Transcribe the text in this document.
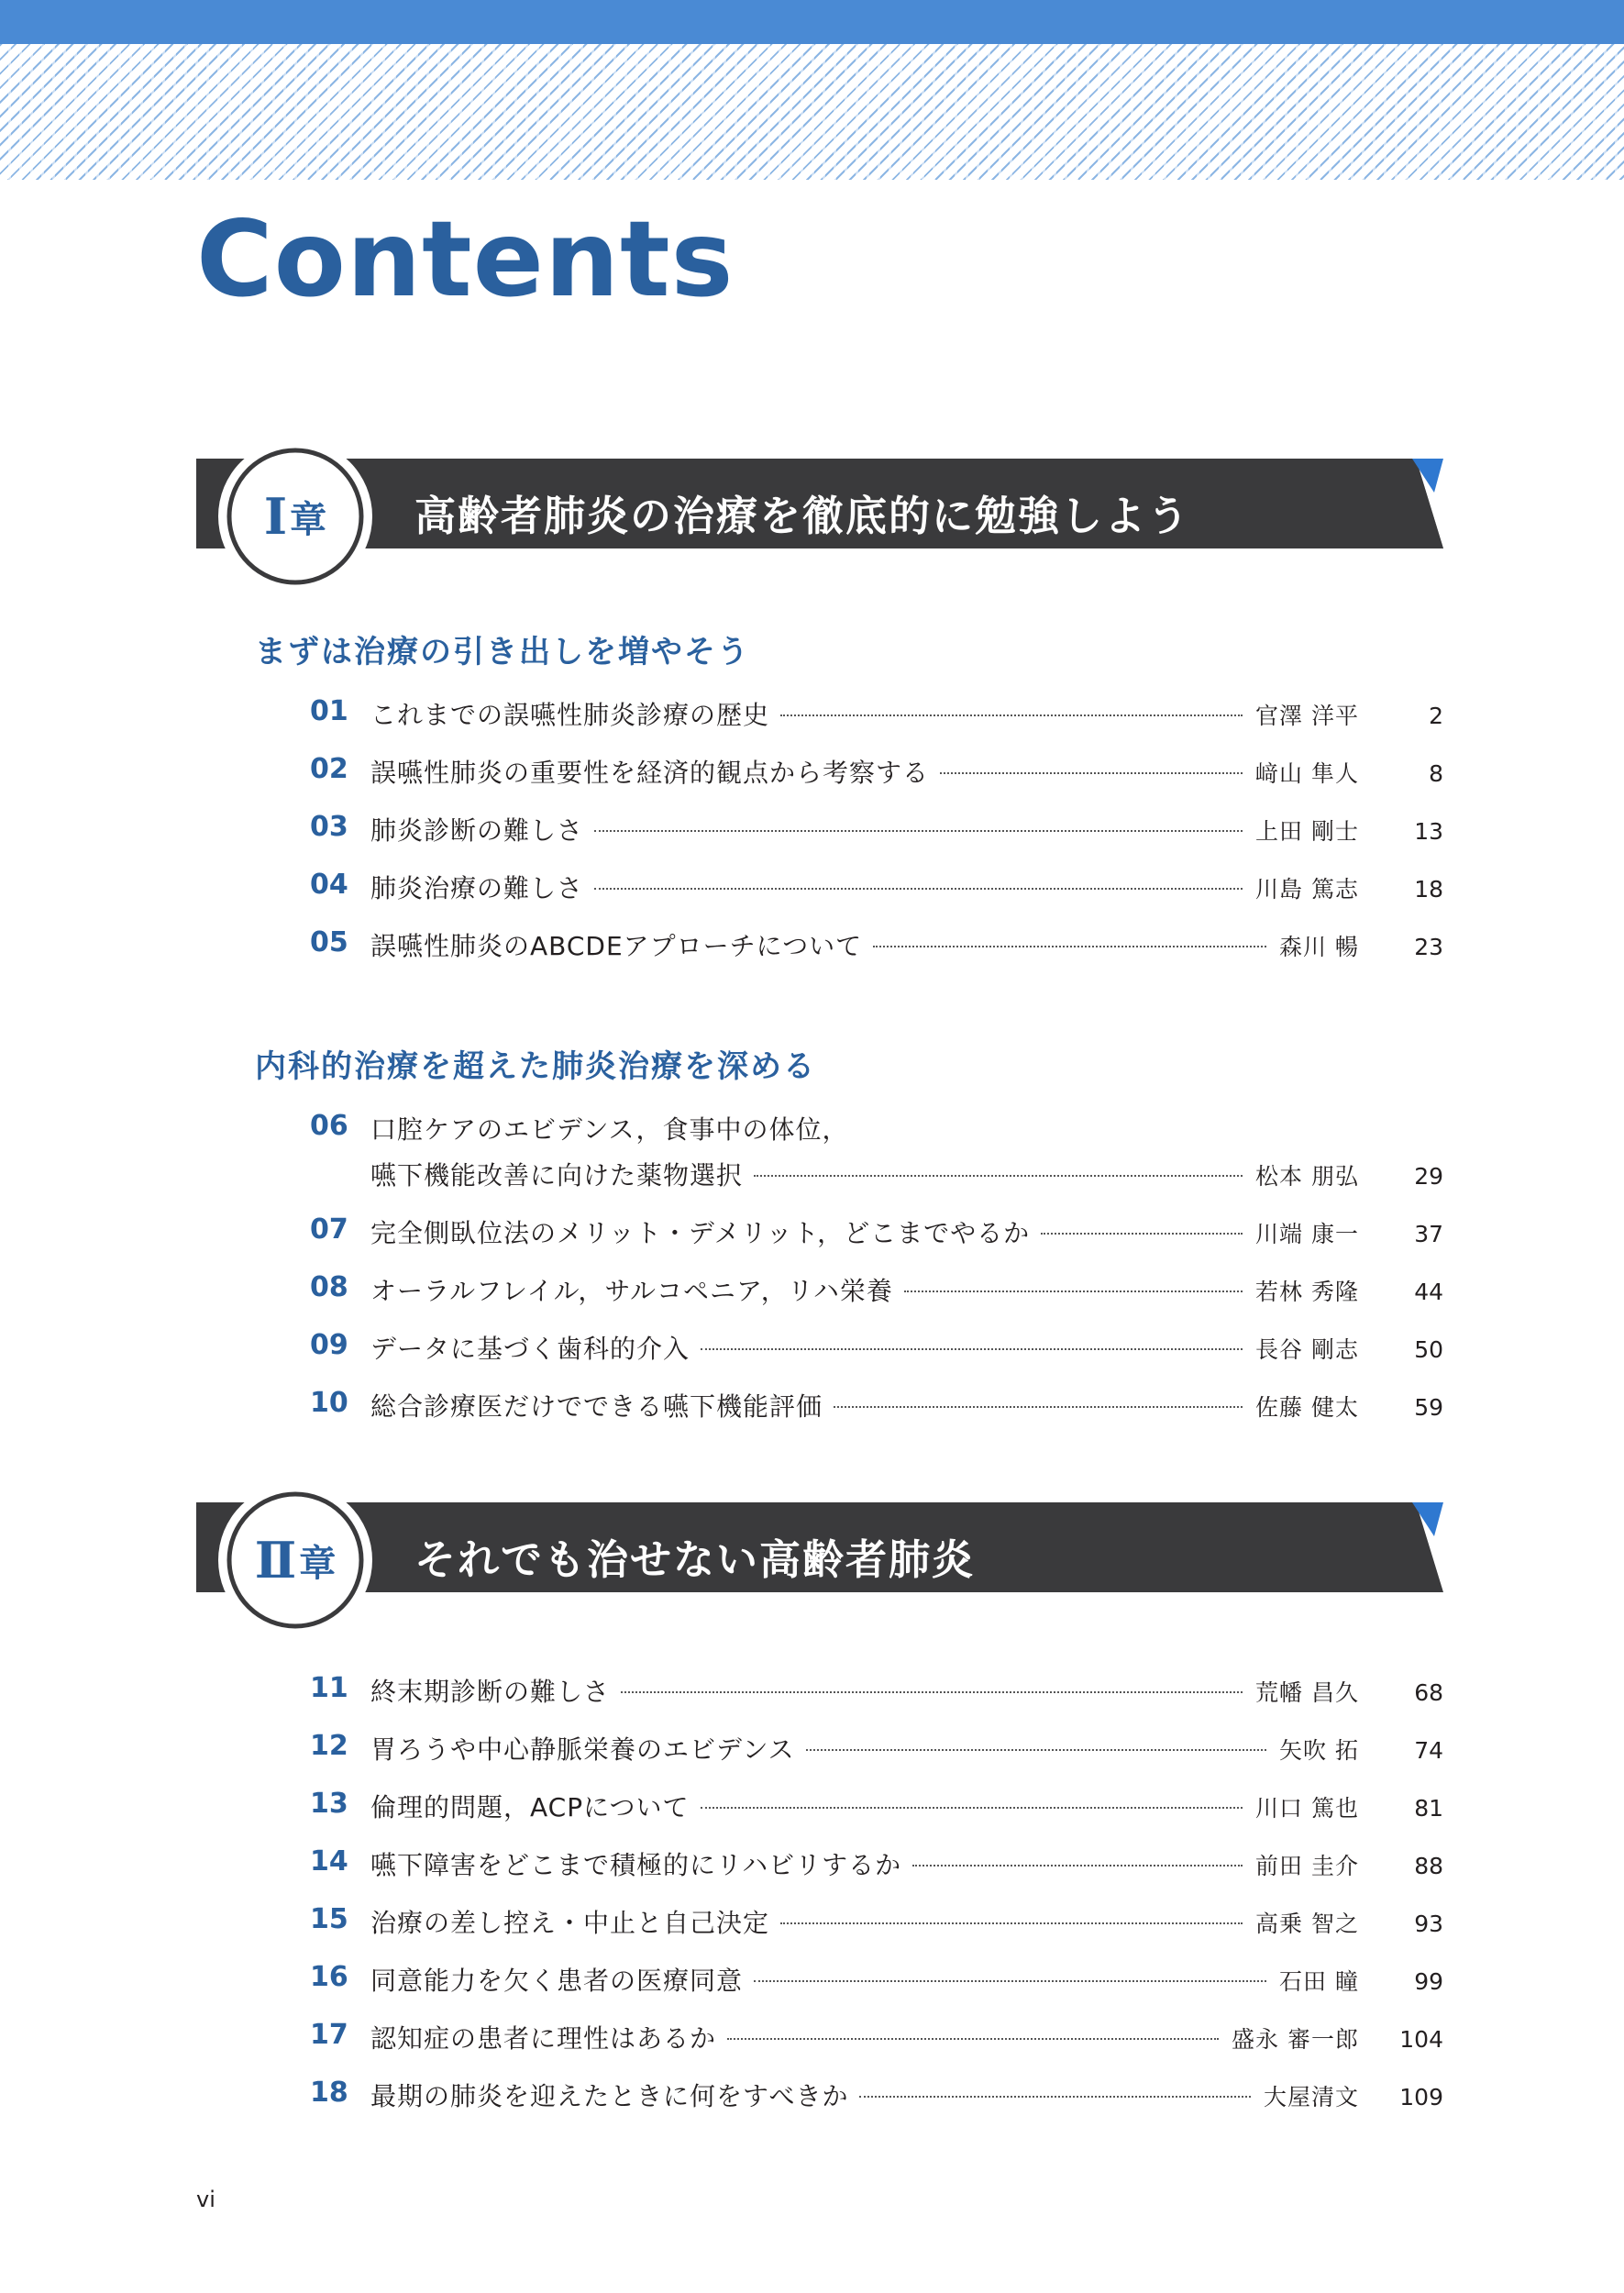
Contents
Ⅰ 章 高齢者肺炎の治療を徹底的に勉強しよう
まずは治療の引き出しを増やそう
01 これまでの誤嚥性肺炎診療の歴史	官澤 洋平	2
02 誤嚥性肺炎の重要性を経済的観点から考察する	﨑山 隼人	8
03 肺炎診断の難しさ	上田 剛士	13
04 肺炎治療の難しさ	川島 篤志	18
05 誤嚥性肺炎のABCDEアプローチについて	森川 暢	23
内科的治療を超えた肺炎治療を深める
06 口腔ケアのエビデンス，食事中の体位，
嚥下機能改善に向けた薬物選択	松本 朋弘	29
07 完全側臥位法のメリット・デメリット，どこまでやるか	川端 康一	37
08 オーラルフレイル，サルコペニア，リハ栄養	若林 秀隆	44
09 データに基づく歯科的介入	長谷 剛志	50
10 総合診療医だけでできる嚥下機能評価	佐藤 健太	59
Ⅱ 章 それでも治せない高齢者肺炎
11 終末期診断の難しさ	荒幡 昌久	68
12 胃ろうや中心静脈栄養のエビデンス	矢吹 拓	74
13 倫理的問題，ACPについて	川口 篤也	81
14 嚥下障害をどこまで積極的にリハビリするか	前田 圭介	88
15 治療の差し控え・中止と自己決定	高乗 智之	93
16 同意能力を欠く患者の医療同意	石田 瞳	99
17 認知症の患者に理性はあるか	盛永 審一郎	104
18 最期の肺炎を迎えたときに何をすべきか	大屋清文	109
vi
